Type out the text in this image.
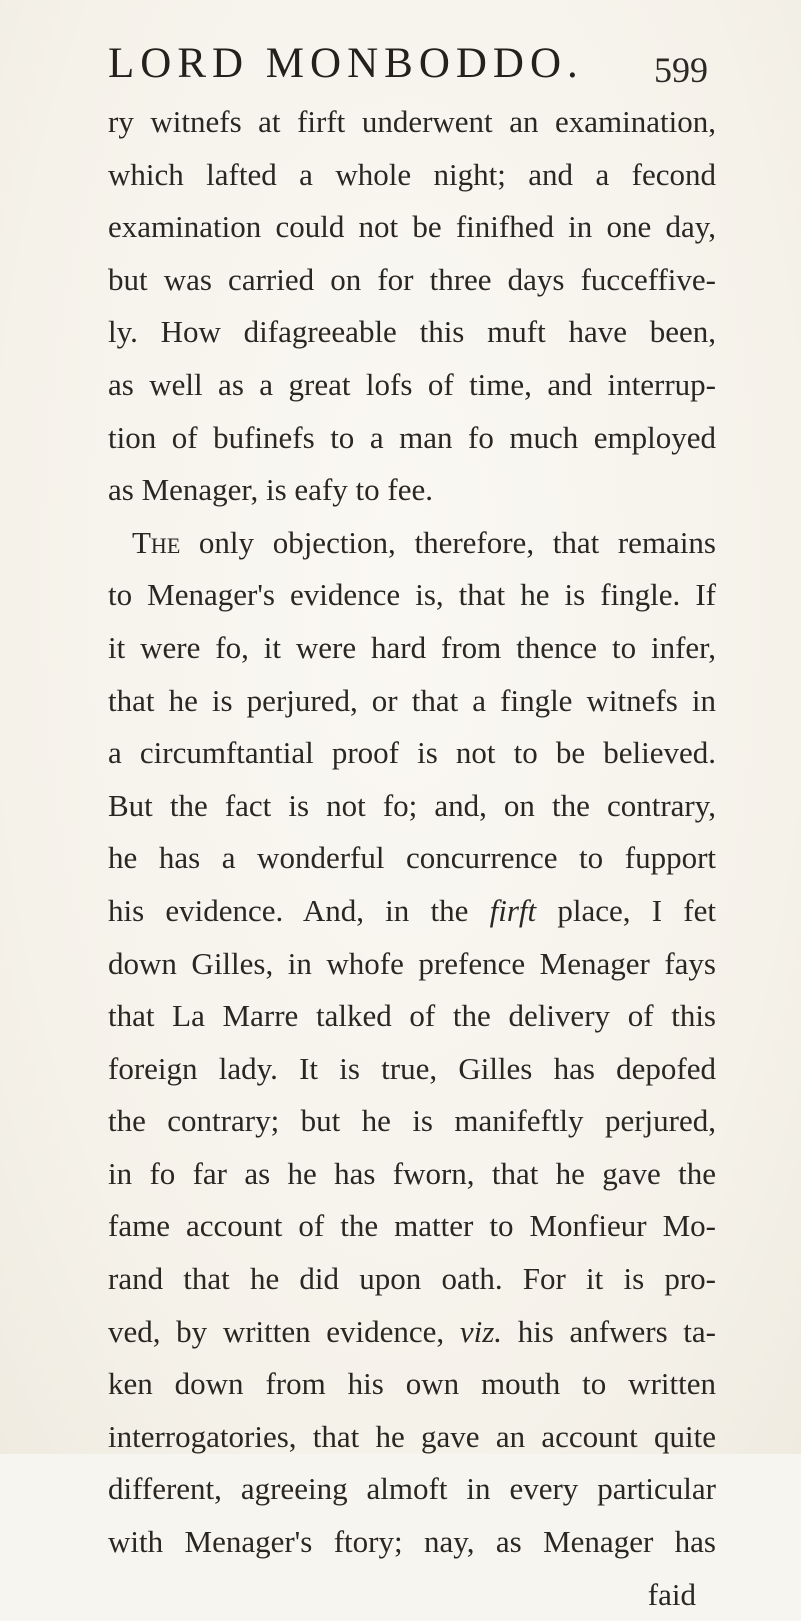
LORD MONBODDO. 599
ry witnefs at firft underwent an examination,
which lafted a whole night; and a fecond
examination could not be finifhed in one day,
but was carried on for three days fucceffive-
ly. How difagreeable this muft have been,
as well as a great lofs of time, and interrup-
tion of bufinefs to a man fo much employed
as Menager, is eafy to fee.
The only objection, therefore, that remains
to Menager's evidence is, that he is fingle. If
it were fo, it were hard from thence to infer,
that he is perjured, or that a fingle witnefs in
a circumftantial proof is not to be believed.
But the fact is not fo; and, on the contrary,
he has a wonderful concurrence to fupport
his evidence. And, in the firft place, I fet
down Gilles, in whofe prefence Menager fays
that La Marre talked of the delivery of this
foreign lady. It is true, Gilles has depofed
the contrary; but he is manifeftly perjured,
in fo far as he has fworn, that he gave the
fame account of the matter to Monfieur Mo-
rand that he did upon oath. For it is pro-
ved, by written evidence, viz. his anfwers ta-
ken down from his own mouth to written
interrogatories, that he gave an account quite
different, agreeing almoft in every particular
with Menager's ftory; nay, as Menager has
faid
